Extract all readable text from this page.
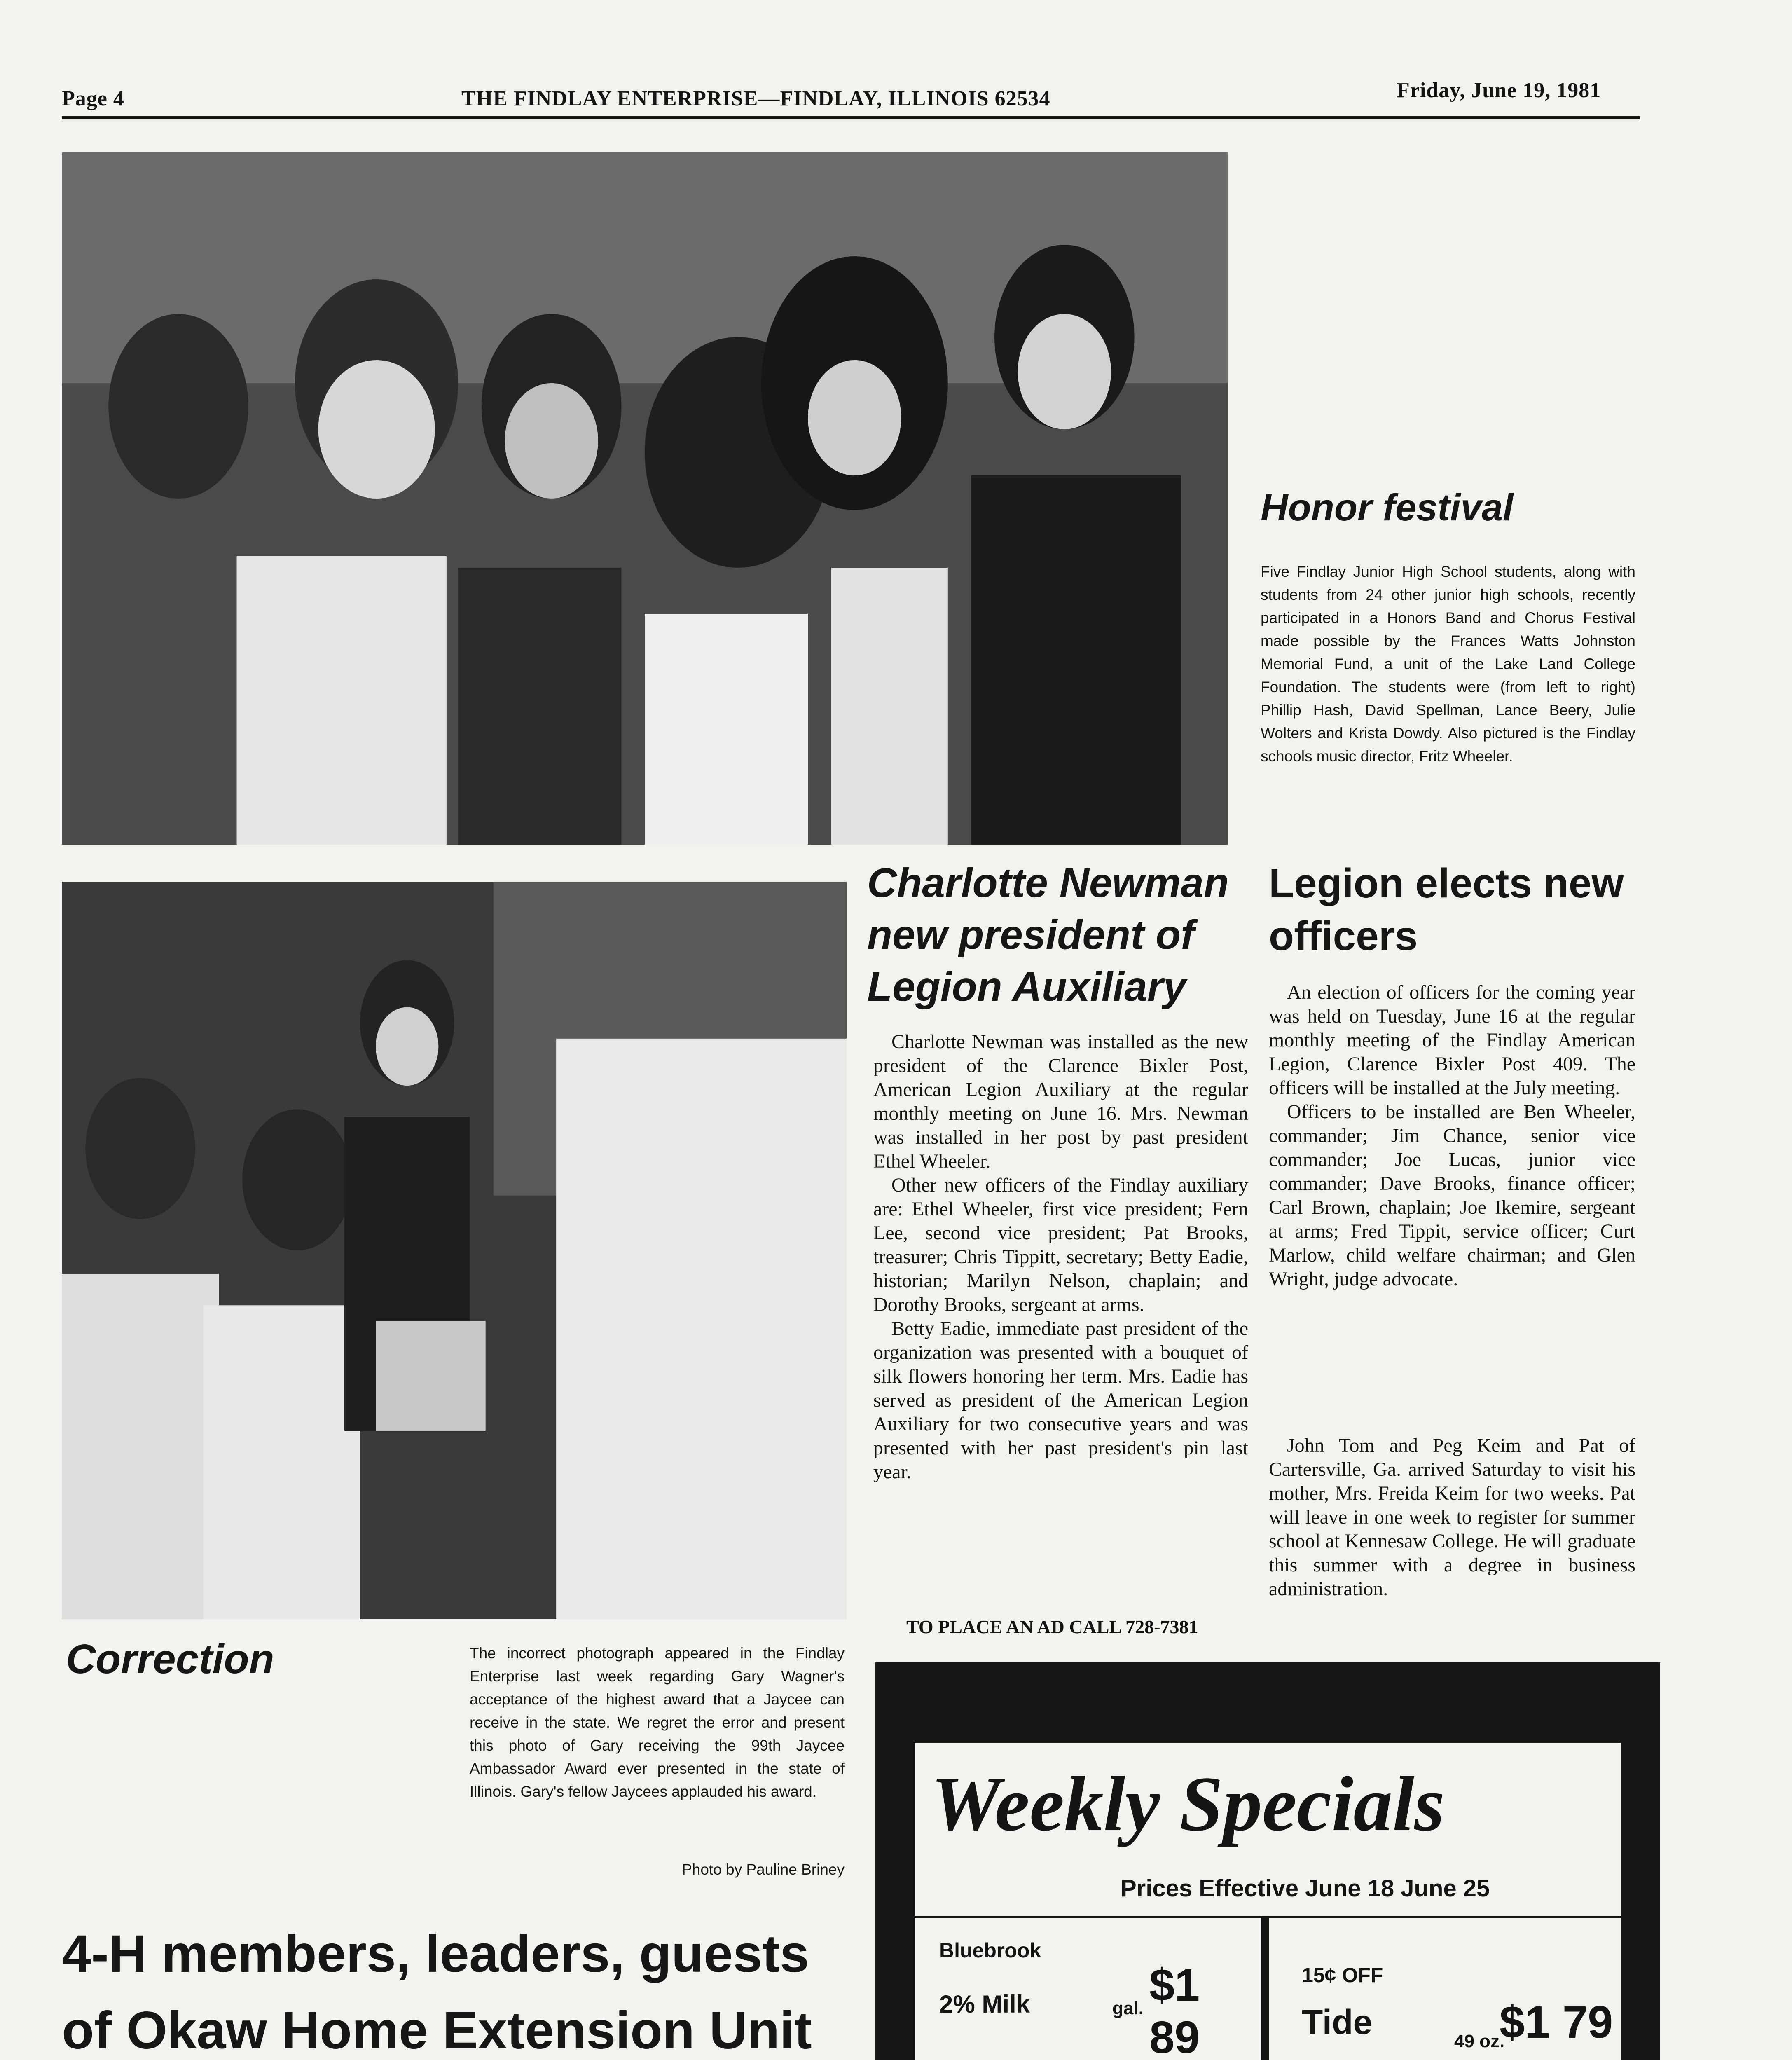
Page 4	THE FINDLAY ENTERPRISE—FINDLAY, ILLINOIS 62534	Friday, June 19, 1981
Honor festival
Five Findlay Junior High School students, along with students from 24 other junior high schools, recently participated in a Honors Band and Chorus Festival made possible by the Frances Watts Johnston Memorial Fund, a unit of the Lake Land College Foundation. The students were (from left to right) Phillip Hash, David Spellman, Lance Beery, Julie Wolters and Krista Dowdy. Also pictured is the Findlay schools music director, Fritz Wheeler.
Correction	The incorrect photograph appeared in the Findlay Enterprise last week regarding Gary Wagner's acceptance of the highest award that a Jaycee can receive in the state. We regret the error and present this photo of Gary receiving the 99th Jaycee Ambassador Award ever presented in the state of Illinois. Gary's fellow Jaycees applauded his award.
Photo by Pauline Briney
Charlotte Newman new president of Legion Auxiliary

Charlotte Newman was installed as the new president of the Clarence Bixler Post, American Legion Auxiliary at the regular monthly meeting on June 16. Mrs. Newman was installed in her post by past president Ethel Wheeler.

Other new officers of the Findlay auxiliary are: Ethel Wheeler, first vice president; Fern Lee, second vice president; Pat Brooks, treasurer; Chris Tippitt, secretary; Betty Eadie, historian; Marilyn Nelson, chaplain; and Dorothy Brooks, sergeant at arms.

Betty Eadie, immediate past president of the organization was presented with a bouquet of silk flowers honoring her term. Mrs. Eadie has served as president of the American Legion Auxiliary for two consecutive years and was presented with her past president's pin last year.

TO PLACE AN AD CALL 728-7381
Legion elects new officers

An election of officers for the coming year was held on Tuesday, June 16 at the regular monthly meeting of the Findlay American Legion, Clarence Bixler Post 409. The officers will be installed at the July meeting.

Officers to be installed are Ben Wheeler, commander; Jim Chance, senior vice commander; Joe Lucas, junior vice commander; Dave Brooks, finance officer; Carl Brown, chaplain; Joe Ikemire, sergeant at arms; Fred Tippit, service officer; Curt Marlow, child welfare chairman; and Glen Wright, judge advocate.

John Tom and Peg Keim and Pat of Cartersville, Ga. arrived Saturday to visit his mother, Mrs. Freida Keim for two weeks. Pat will leave in one week to register for summer school at Kennesaw College. He will graduate this summer with a degree in business administration.

4-H members, leaders, guests of Okaw Home Extension Unit

Weekly Specials
Prices Effective June 18 June 25
Bluebrook
2% Milk	gal. $1 89
15¢ OFF
Tide	49 oz.
$1 79
